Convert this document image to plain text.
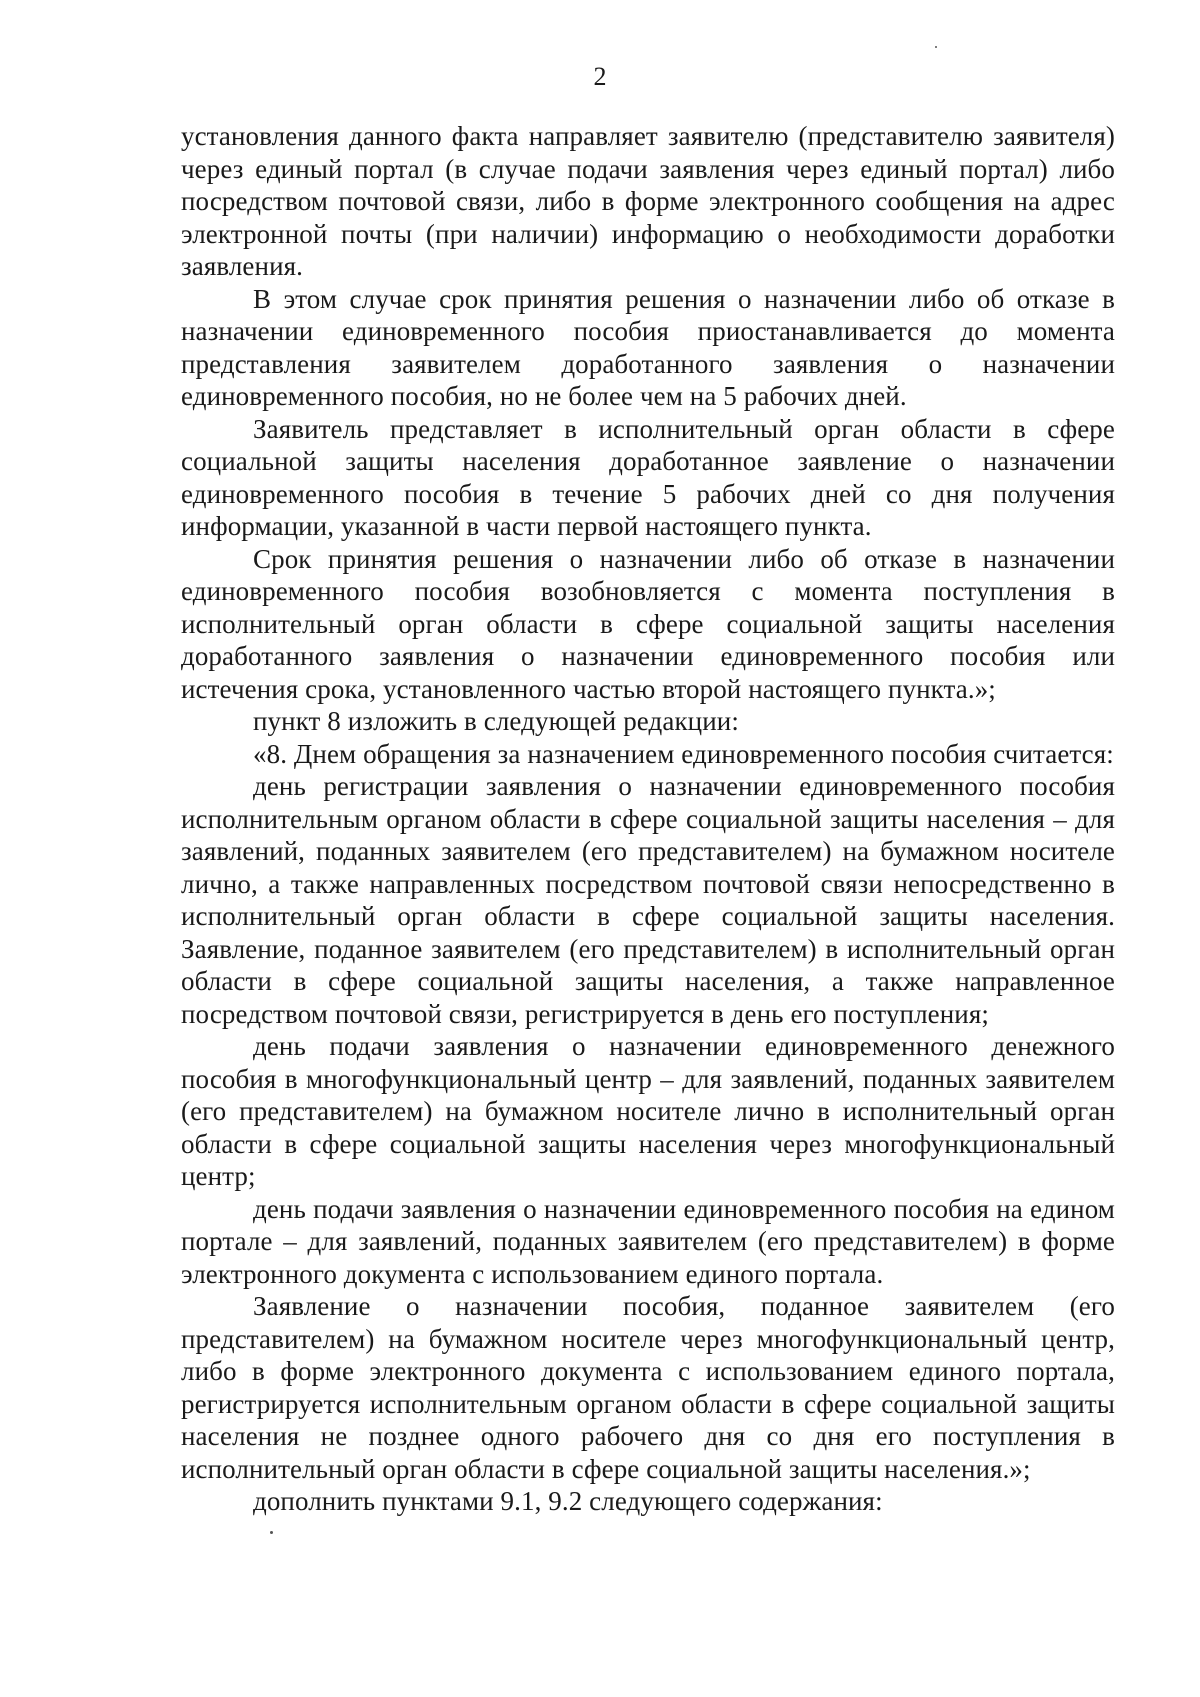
2

установления данного факта направляет заявителю (представителю заявителя) через единый портал (в случае подачи заявления через единый портал) либо посредством почтовой связи, либо в форме электронного сообщения на адрес электронной почты (при наличии) информацию о необходимости доработки заявления.

В этом случае срок принятия решения о назначении либо об отказе в назначении единовременного пособия приостанавливается до момента представления заявителем доработанного заявления о назначении единовременного пособия, но не более чем на 5 рабочих дней.

Заявитель представляет в исполнительный орган области в сфере социальной защиты населения доработанное заявление о назначении единовременного пособия в течение 5 рабочих дней со дня получения информации, указанной в части первой настоящего пункта.

Срок принятия решения о назначении либо об отказе в назначении единовременного пособия возобновляется с момента поступления в исполнительный орган области в сфере социальной защиты населения доработанного заявления о назначении единовременного пособия или истечения срока, установленного частью второй настоящего пункта.»;

пункт 8 изложить в следующей редакции:

«8. Днем обращения за назначением единовременного пособия считается:

день регистрации заявления о назначении единовременного пособия исполнительным органом области в сфере социальной защиты населения – для заявлений, поданных заявителем (его представителем) на бумажном носителе лично, а также направленных посредством почтовой связи непосредственно в исполнительный орган области в сфере социальной защиты населения. Заявление, поданное заявителем (его представителем) в исполнительный орган области в сфере социальной защиты населения, а также направленное посредством почтовой связи, регистрируется в день его поступления;

день подачи заявления о назначении единовременного денежного пособия в многофункциональный центр – для заявлений, поданных заявителем (его представителем) на бумажном носителе лично в исполнительный орган области в сфере социальной защиты населения через многофункциональный центр;

день подачи заявления о назначении единовременного пособия на едином портале – для заявлений, поданных заявителем (его представителем) в форме электронного документа с использованием единого портала.

Заявление о назначении пособия, поданное заявителем (его представителем) на бумажном носителе через многофункциональный центр, либо в форме электронного документа с использованием единого портала, регистрируется исполнительным органом области в сфере социальной защиты населения не позднее одного рабочего дня со дня его поступления в исполнительный орган области в сфере социальной защиты населения.»;

дополнить пунктами 9.1, 9.2 следующего содержания:
